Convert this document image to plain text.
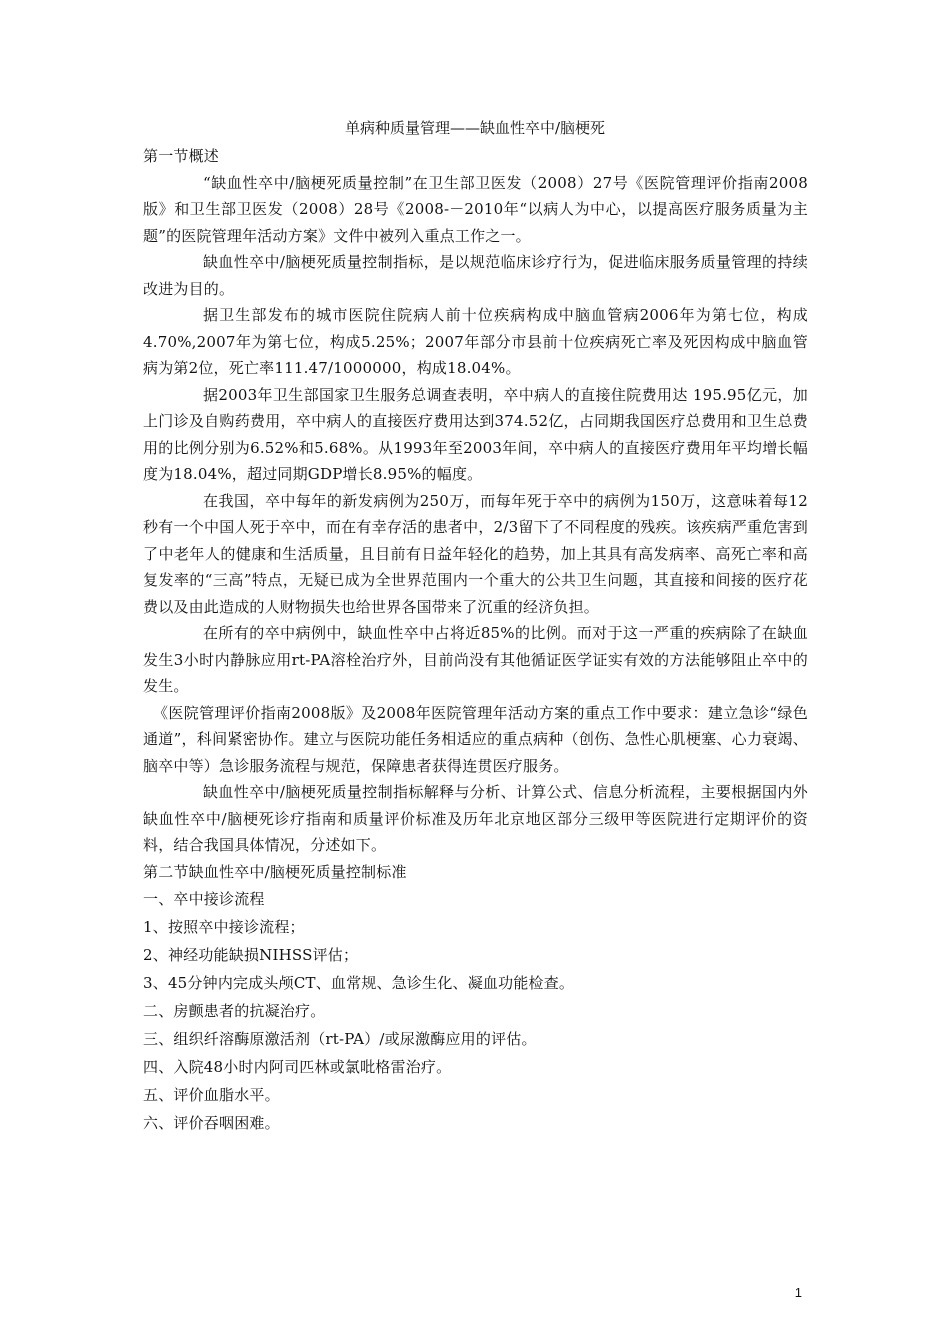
单病种质量管理——缺血性卒中/脑梗死

第一节概述

“缺血性卒中/脑梗死质量控制”在卫生部卫医发（2008）27号《医院管理评价指南2008版》和卫生部卫医发（2008）28号《2008-－2010年“以病人为中心，以提高医疗服务质量为主题”的医院管理年活动方案》文件中被列入重点工作之一。

缺血性卒中/脑梗死质量控制指标，是以规范临床诊疗行为，促进临床服务质量管理的持续改进为目的。

据卫生部发布的城市医院住院病人前十位疾病构成中脑血管病2006年为第七位，构成4.70%,2007年为第七位，构成5.25%；2007年部分市县前十位疾病死亡率及死因构成中脑血管病为第2位，死亡率111.47/1000000，构成18.04%。

据2003年卫生部国家卫生服务总调查表明，卒中病人的直接住院费用达 195.95亿元，加上门诊及自购药费用，卒中病人的直接医疗费用达到374.52亿，占同期我国医疗总费用和卫生总费用的比例分别为6.52%和5.68%。从1993年至2003年间，卒中病人的直接医疗费用年平均增长幅度为18.04%，超过同期GDP增长8.95%的幅度。

在我国，卒中每年的新发病例为250万，而每年死于卒中的病例为150万，这意味着每12秒有一个中国人死于卒中，而在有幸存活的患者中，2/3留下了不同程度的残疾。该疾病严重危害到了中老年人的健康和生活质量，且目前有日益年轻化的趋势，加上其具有高发病率、高死亡率和高复发率的“三高”特点，无疑已成为全世界范围内一个重大的公共卫生问题，其直接和间接的医疗花费以及由此造成的人财物损失也给世界各国带来了沉重的经济负担。

在所有的卒中病例中，缺血性卒中占将近85%的比例。而对于这一严重的疾病除了在缺血发生3小时内静脉应用rt-PA溶栓治疗外，目前尚没有其他循证医学证实有效的方法能够阻止卒中的发生。

《医院管理评价指南2008版》及2008年医院管理年活动方案的重点工作中要求：建立急诊“绿色通道”，科间紧密协作。建立与医院功能任务相适应的重点病种（创伤、急性心肌梗塞、心力衰竭、脑卒中等）急诊服务流程与规范，保障患者获得连贯医疗服务。

缺血性卒中/脑梗死质量控制指标解释与分析、计算公式、信息分析流程，主要根据国内外缺血性卒中/脑梗死诊疗指南和质量评价标准及历年北京地区部分三级甲等医院进行定期评价的资料，结合我国具体情况，分述如下。

第二节缺血性卒中/脑梗死质量控制标准

一、卒中接诊流程

1、按照卒中接诊流程；

2、神经功能缺损NIHSS评估；

3、45分钟内完成头颅CT、血常规、急诊生化、凝血功能检查。

二、房颤患者的抗凝治疗。

三、组织纤溶酶原激活剂（rt-PA）/或尿激酶应用的评估。

四、入院48小时内阿司匹林或氯吡格雷治疗。

五、评价血脂水平。

六、评价吞咽困难。

1
